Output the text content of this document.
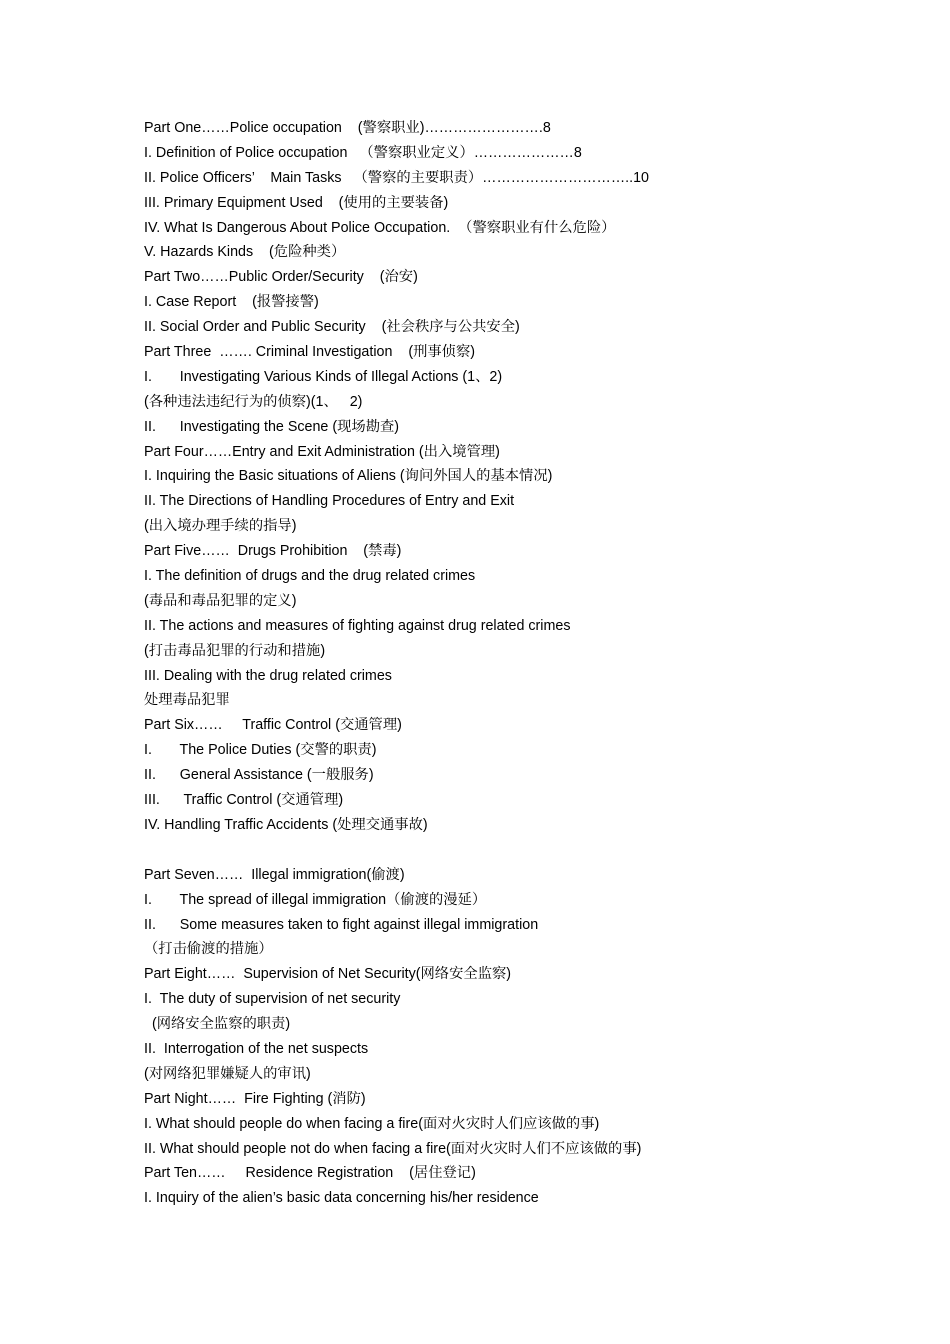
Part One……Police occupation    (警察职业)…………………….8
I. Definition of Police occupation   （警察职业定义）…………………8
II. Police Officers’    Main Tasks   （警察的主要职责）…………………………..10
III. Primary Equipment Used    (使用的主要装备)
IV. What Is Dangerous About Police Occupation.  （警察职业有什么危险）
V. Hazards Kinds    (危险种类）
Part Two……Public Order/Security    (治安)
I. Case Report    (报警接警)
II. Social Order and Public Security    (社会秩序与公共安全)
Part Three  ……. Criminal Investigation    (刑事侦察)
I.       Investigating Various Kinds of Illegal Actions (1、2)
(各种违法违纪行为的侦察)(1、   2)
II.      Investigating the Scene (现场勘查)
Part Four……Entry and Exit Administration (出入境管理)
I. Inquiring the Basic situations of Aliens (询问外国人的基本情况)
II. The Directions of Handling Procedures of Entry and Exit
(出入境办理手续的指导)
Part Five……  Drugs Prohibition    (禁毒)
I. The definition of drugs and the drug related crimes
(毒品和毒品犯罪的定义)
II. The actions and measures of fighting against drug related crimes
(打击毒品犯罪的行动和措施)
III. Dealing with the drug related crimes
处理毒品犯罪
Part Six……     Traffic Control (交通管理)
I.       The Police Duties (交警的职责)
II.      General Assistance (一般服务)
III.      Traffic Control (交通管理)
IV. Handling Traffic Accidents (处理交通事故)
Part Seven……  Illegal immigration(偷渡)
I.       The spread of illegal immigration（偷渡的漫延）
II.      Some measures taken to fight against illegal immigration
（打击偷渡的措施）
Part Eight……  Supervision of Net Security(网络安全监察)
I.  The duty of supervision of net security
(网络安全监察的职责)
II.  Interrogation of the net suspects
(对网络犯罪嫌疑人的审讯)
Part Night……  Fire Fighting (消防)
I. What should people do when facing a fire(面对火灾时人们应该做的事)
II. What should people not do when facing a fire(面对火灾时人们不应该做的事)
Part Ten……     Residence Registration    (居住登记)
I. Inquiry of the alien’s basic data concerning his/her residence
